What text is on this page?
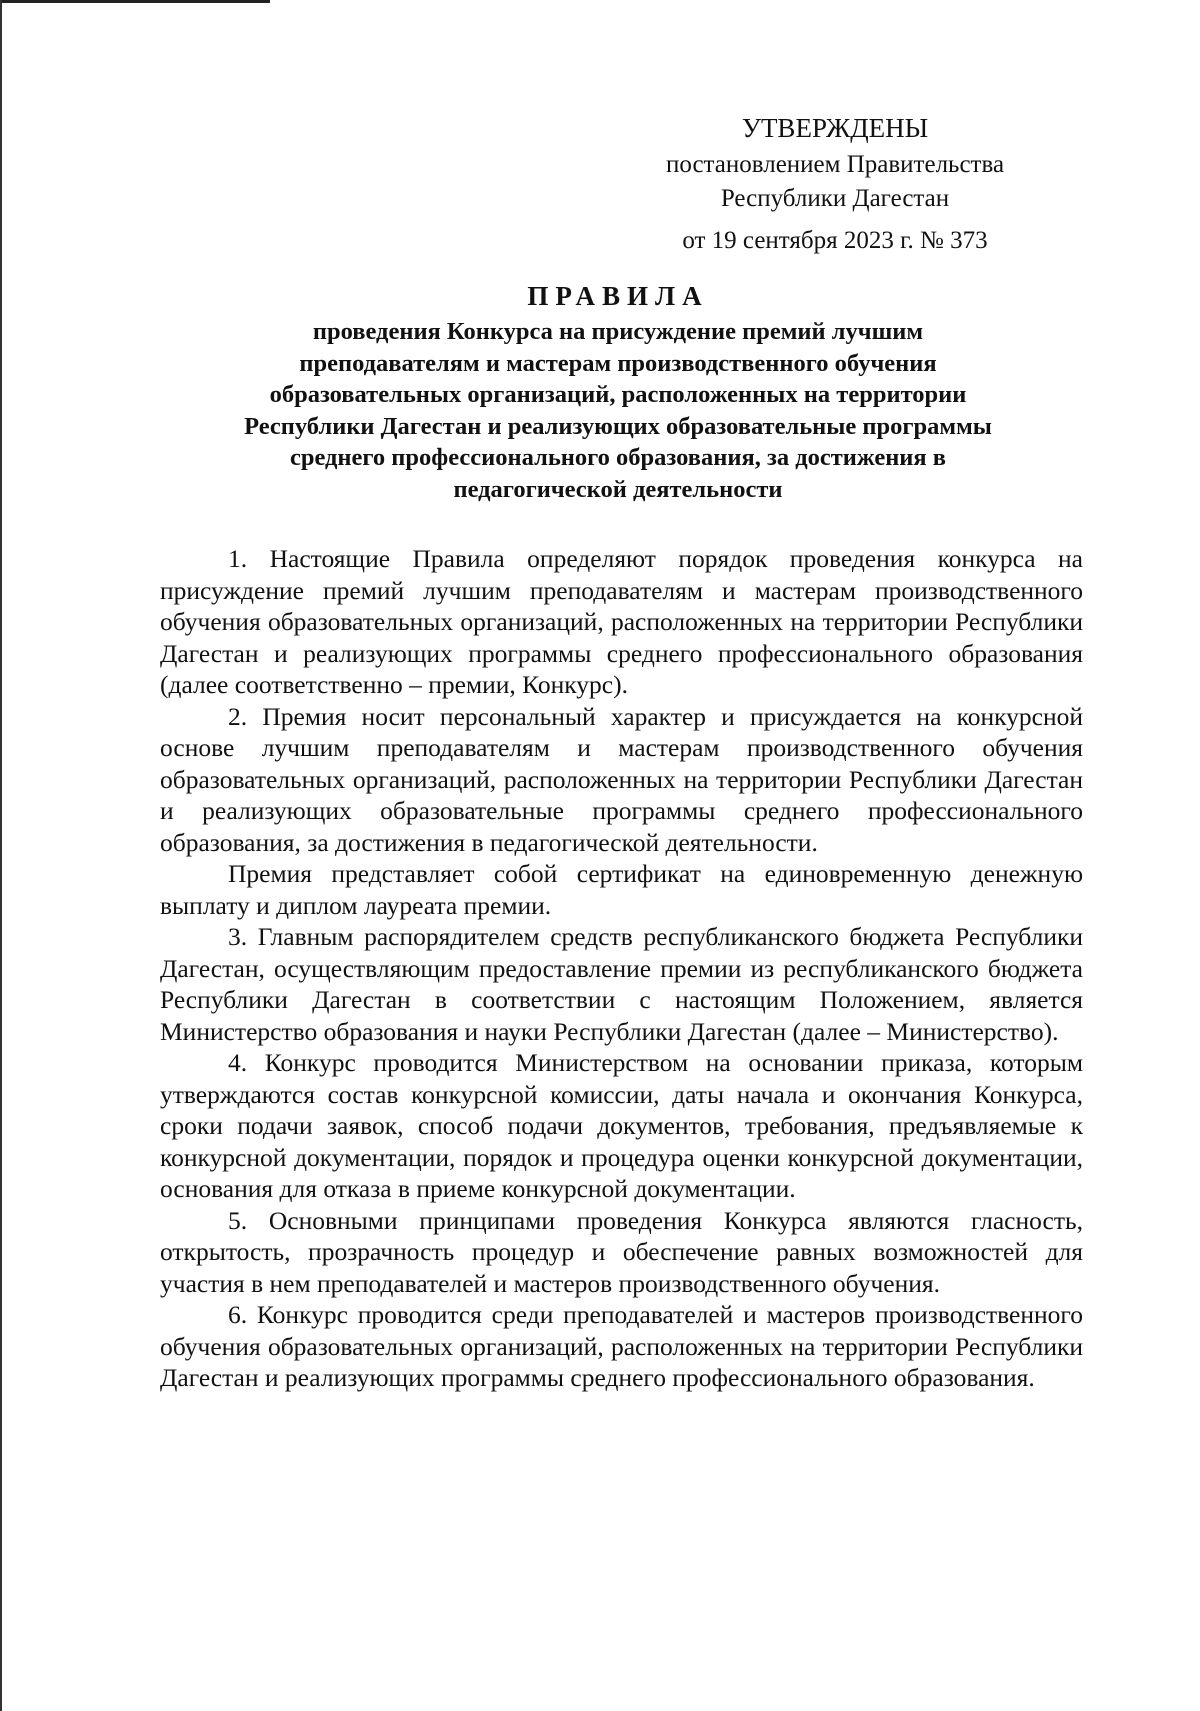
УТВЕРЖДЕНЫ
постановлением Правительства
Республики Дагестан
от 19 сентября 2023 г. № 373
ПРАВИЛА
проведения Конкурса на присуждение премий лучшим
преподавателям и мастерам производственного обучения
образовательных организаций, расположенных на территории
Республики Дагестан и реализующих образовательные программы
среднего профессионального образования, за достижения в
педагогической деятельности

1. Настоящие Правила определяют порядок проведения конкурса на присуждение премий лучшим преподавателям и мастерам производственного обучения образовательных организаций, расположенных на территории Республики Дагестан и реализующих программы среднего профессионального образования (далее соответственно – премии, Конкурс).

2. Премия носит персональный характер и присуждается на конкурсной основе лучшим преподавателям и мастерам производственного обучения образовательных организаций, расположенных на территории Республики Дагестан и реализующих образовательные программы среднего профессионального образования, за достижения в педагогической деятельности.

Премия представляет собой сертификат на единовременную денежную выплату и диплом лауреата премии.

3. Главным распорядителем средств республиканского бюджета Республики Дагестан, осуществляющим предоставление премии из республиканского бюджета Республики Дагестан в соответствии с настоящим Положением, является Министерство образования и науки Республики Дагестан (далее – Министерство).

4. Конкурс проводится Министерством на основании приказа, которым утверждаются состав конкурсной комиссии, даты начала и окончания Конкурса, сроки подачи заявок, способ подачи документов, требования, предъявляемые к конкурсной документации, порядок и процедура оценки конкурсной документации, основания для отказа в приеме конкурсной документации.

5. Основными принципами проведения Конкурса являются гласность, открытость, прозрачность процедур и обеспечение равных возможностей для участия в нем преподавателей и мастеров производственного обучения.

6. Конкурс проводится среди преподавателей и мастеров производственного обучения образовательных организаций, расположенных на территории Республики Дагестан и реализующих программы среднего профессионального образования.
